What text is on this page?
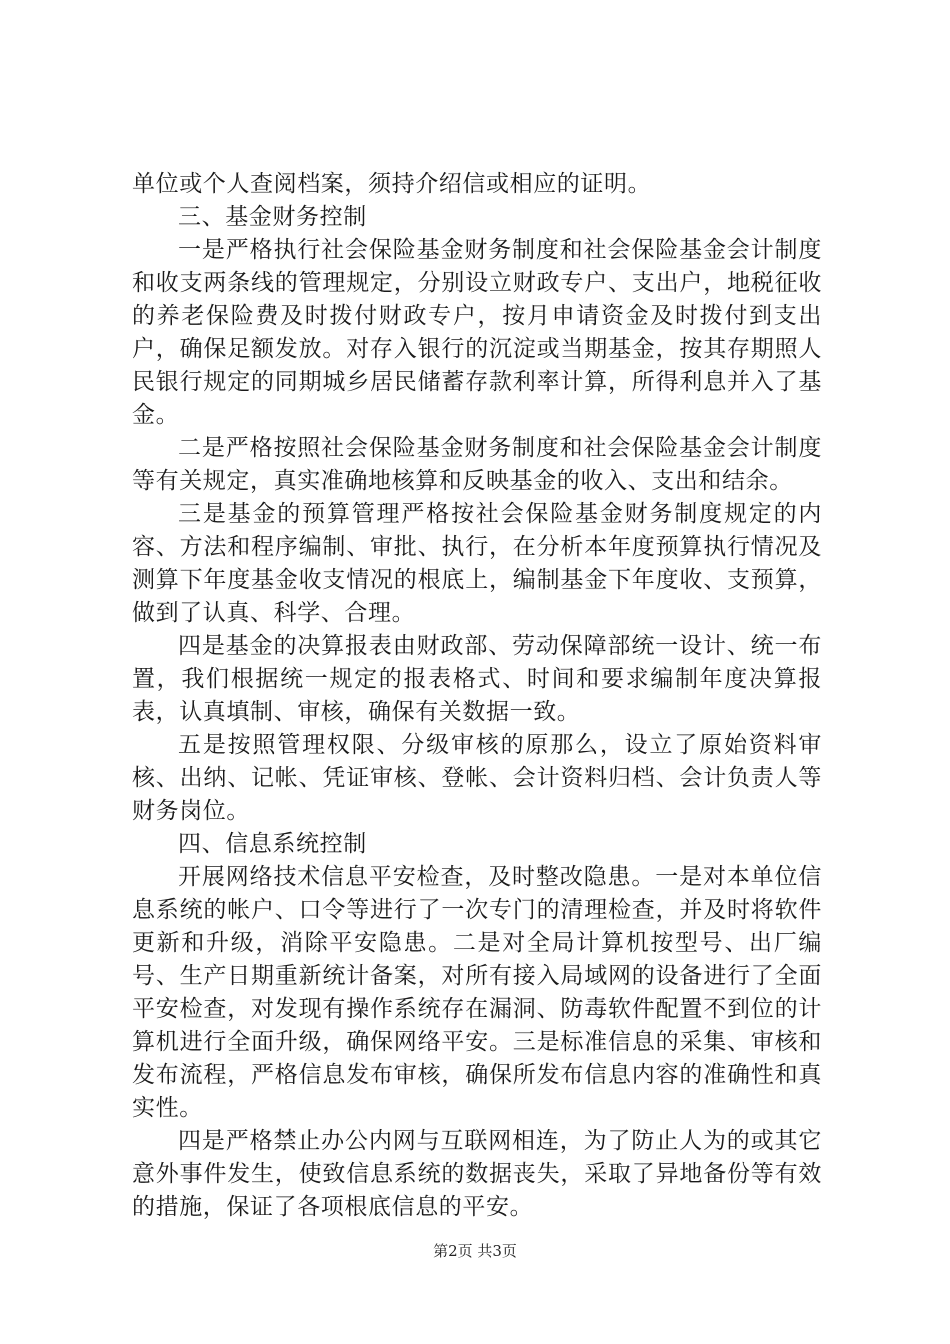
单位或个人查阅档案，须持介绍信或相应的证明。

三、基金财务控制

一是严格执行社会保险基金财务制度和社会保险基金会计制度和收支两条线的管理规定，分别设立财政专户、支出户，地税征收的养老保险费及时拨付财政专户，按月申请资金及时拨付到支出户，确保足额发放。对存入银行的沉淀或当期基金，按其存期照人民银行规定的同期城乡居民储蓄存款利率计算，所得利息并入了基金。

二是严格按照社会保险基金财务制度和社会保险基金会计制度等有关规定，真实准确地核算和反映基金的收入、支出和结余。

三是基金的预算管理严格按社会保险基金财务制度规定的内容、方法和程序编制、审批、执行，在分析本年度预算执行情况及测算下年度基金收支情况的根底上，编制基金下年度收、支预算，做到了认真、科学、合理。

四是基金的决算报表由财政部、劳动保障部统一设计、统一布置，我们根据统一规定的报表格式、时间和要求编制年度决算报表，认真填制、审核，确保有关数据一致。

五是按照管理权限、分级审核的原那么，设立了原始资料审核、出纳、记帐、凭证审核、登帐、会计资料归档、会计负责人等财务岗位。

四、信息系统控制

开展网络技术信息平安检查，及时整改隐患。一是对本单位信息系统的帐户、口令等进行了一次专门的清理检查，并及时将软件更新和升级，消除平安隐患。二是对全局计算机按型号、出厂编号、生产日期重新统计备案，对所有接入局域网的设备进行了全面平安检查，对发现有操作系统存在漏洞、防毒软件配置不到位的计算机进行全面升级，确保网络平安。三是标准信息的采集、审核和发布流程，严格信息发布审核，确保所发布信息内容的准确性和真实性。

四是严格禁止办公内网与互联网相连，为了防止人为的或其它意外事件发生，使致信息系统的数据丧失，采取了异地备份等有效的措施，保证了各项根底信息的平安。

第2页 共3页
